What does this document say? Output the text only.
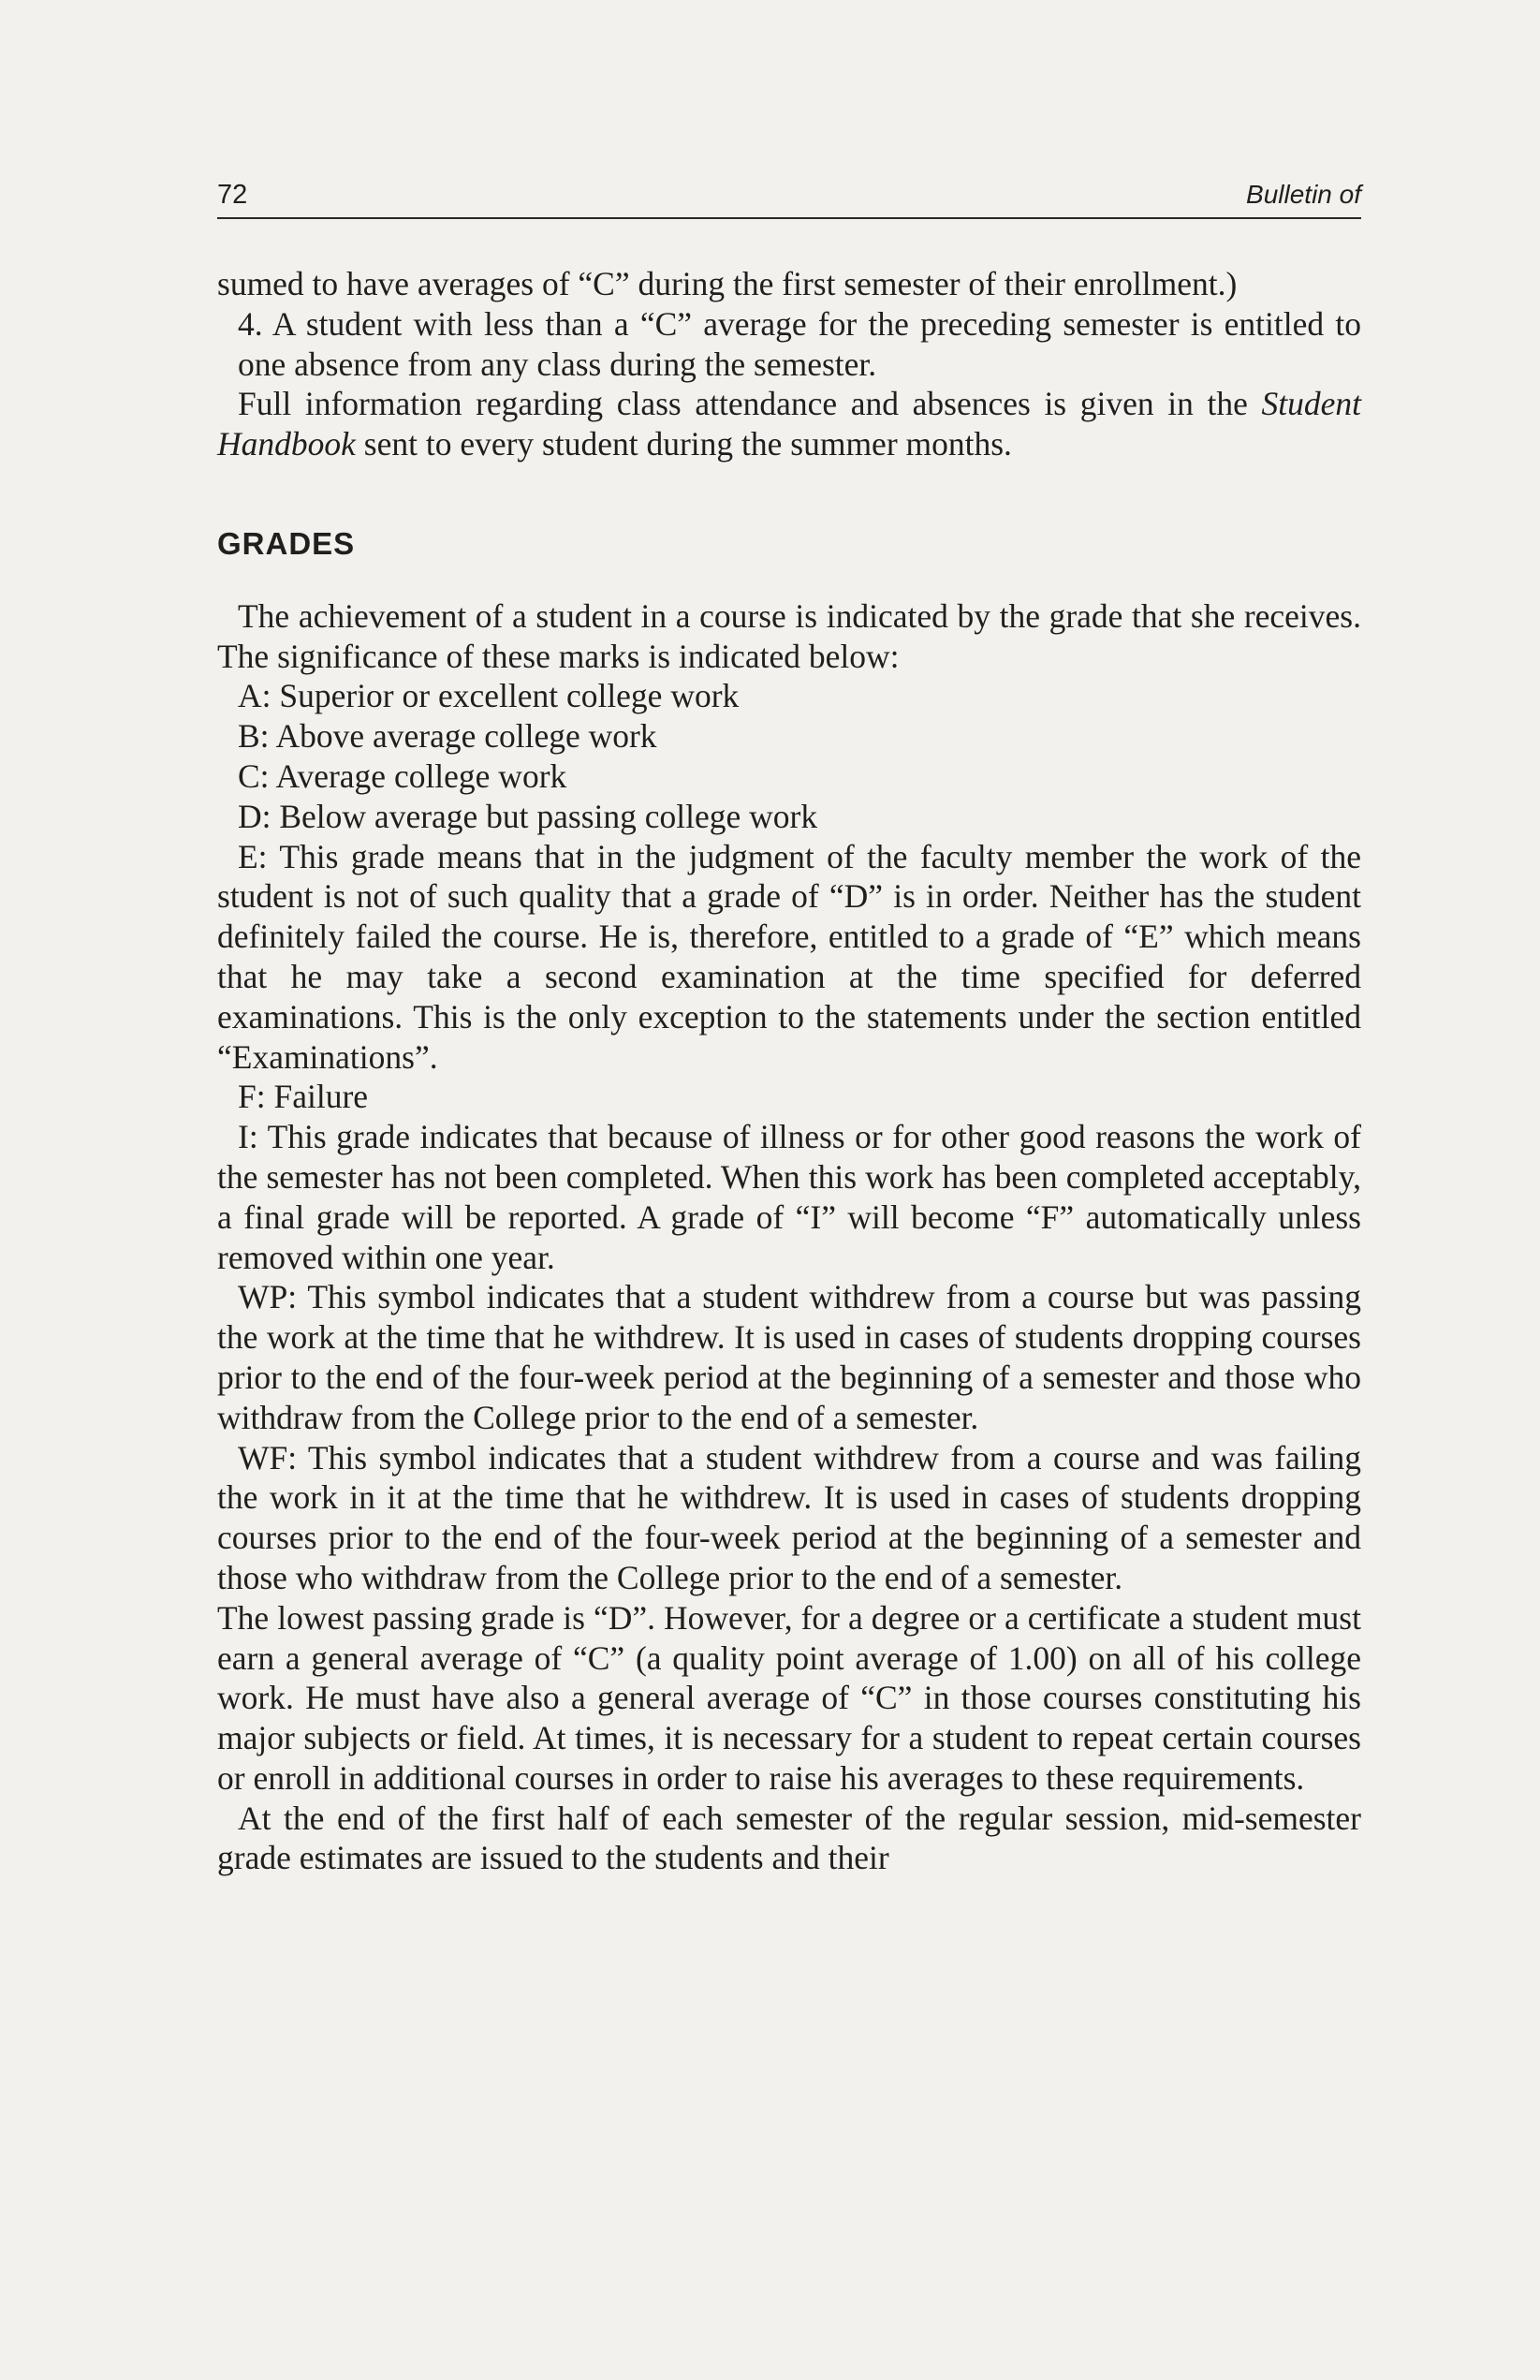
72	Bulletin of

sumed to have averages of “C” during the first semester of their enrollment.)

4. A student with less than a “C” average for the preceding semester is entitled to one absence from any class during the semester.

Full information regarding class attendance and absences is given in the Student Handbook sent to every student during the summer months.

GRADES

The achievement of a student in a course is indicated by the grade that she receives. The significance of these marks is indicated below:

A: Superior or excellent college work

B: Above average college work

C: Average college work

D: Below average but passing college work

E: This grade means that in the judgment of the faculty member the work of the student is not of such quality that a grade of “D” is in order. Neither has the student definitely failed the course. He is, therefore, entitled to a grade of “E” which means that he may take a second examination at the time specified for deferred examinations. This is the only exception to the statements under the section entitled “Examinations”.

F: Failure

I: This grade indicates that because of illness or for other good reasons the work of the semester has not been completed. When this work has been completed acceptably, a final grade will be reported. A grade of “I” will become “F” automatically unless removed within one year.

WP: This symbol indicates that a student withdrew from a course but was passing the work at the time that he withdrew. It is used in cases of students dropping courses prior to the end of the four-week period at the beginning of a semester and those who withdraw from the College prior to the end of a semester.

WF: This symbol indicates that a student withdrew from a course and was failing the work in it at the time that he withdrew. It is used in cases of students dropping courses prior to the end of the four-week period at the beginning of a semester and those who withdraw from the College prior to the end of a semester.

The lowest passing grade is “D”. However, for a degree or a certificate a student must earn a general average of “C” (a quality point average of 1.00) on all of his college work. He must have also a general average of “C” in those courses constituting his major subjects or field. At times, it is necessary for a student to repeat certain courses or enroll in additional courses in order to raise his averages to these requirements.

At the end of the first half of each semester of the regular session, mid-semester grade estimates are issued to the students and their
